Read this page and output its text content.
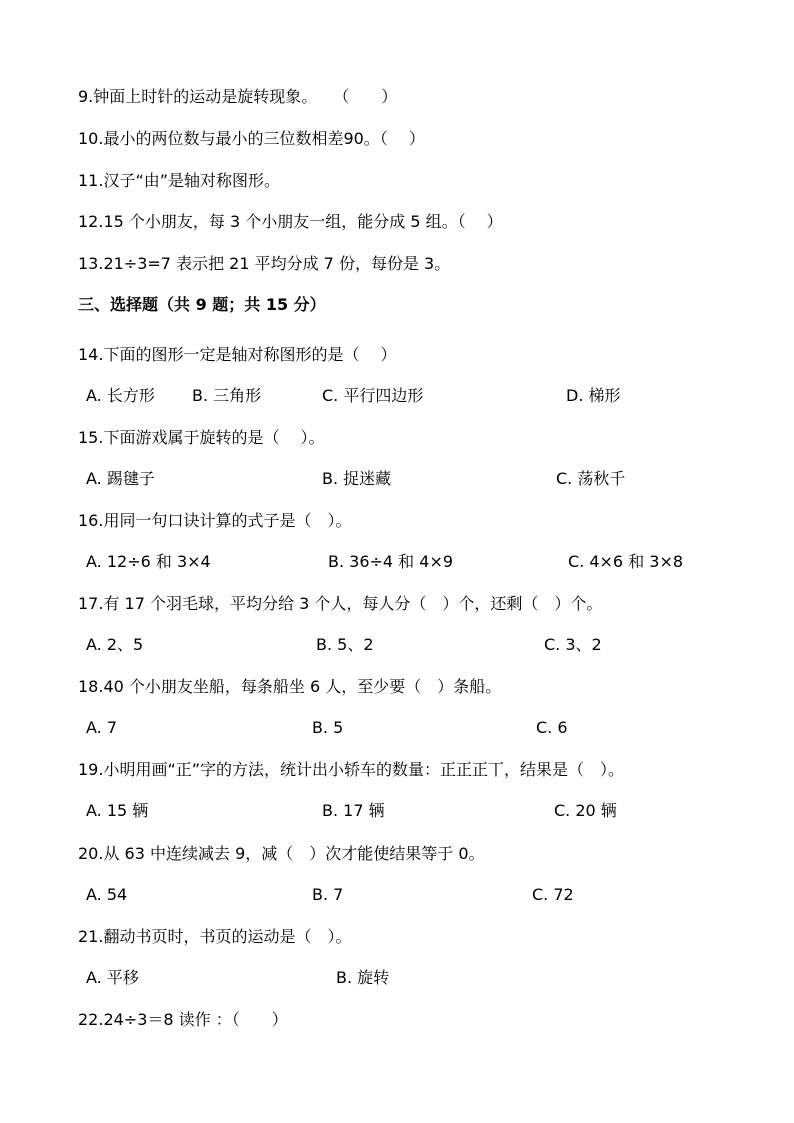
9.钟面上时针的运动是旋转现象。　　（　　）
10.最小的两位数与最小的三位数相差90。（　 ）
11.汉子“由”是轴对称图形。
12.15 个小朋友，每 3 个小朋友一组，能分成 5 组。（　 ）
13.21÷3=7 表示把 21 平均分成 7 份，每份是 3。
三、选择题（共 9 题；共 15 分）
14.下面的图形一定是轴对称图形的是（　 ）
A. 长方形 B. 三角形	C. 平行四边形	D. 梯形
15.下面游戏属于旋转的是（　 ）。
A. 踢毽子	B. 捉迷藏	C. 荡秋千
16.用同一句口诀计算的式子是（　）。
A. 12÷6 和 3×4	B. 36÷4 和 4×9	C. 4×6 和 3×8
17.有 17 个羽毛球，平均分给 3 个人，每人分（　）个，还剩（　）个。
A. 2、5	B. 5、2	C. 3、2
18.40 个小朋友坐船，每条船坐 6 人，至少要（　）条船。
A. 7	B. 5	C. 6
19.小明用画“正”字的方法，统计出小轿车的数量：正正正丅，结果是（　）。
A. 15 辆	B. 17 辆	C. 20 辆
20.从 63 中连续减去 9，减（　）次才能使结果等于 0。
A. 54	B. 7	C. 72
21.翻动书页时，书页的运动是（　）。
A. 平移	B. 旋转
22.24÷3＝8 读作 ：（　　）
